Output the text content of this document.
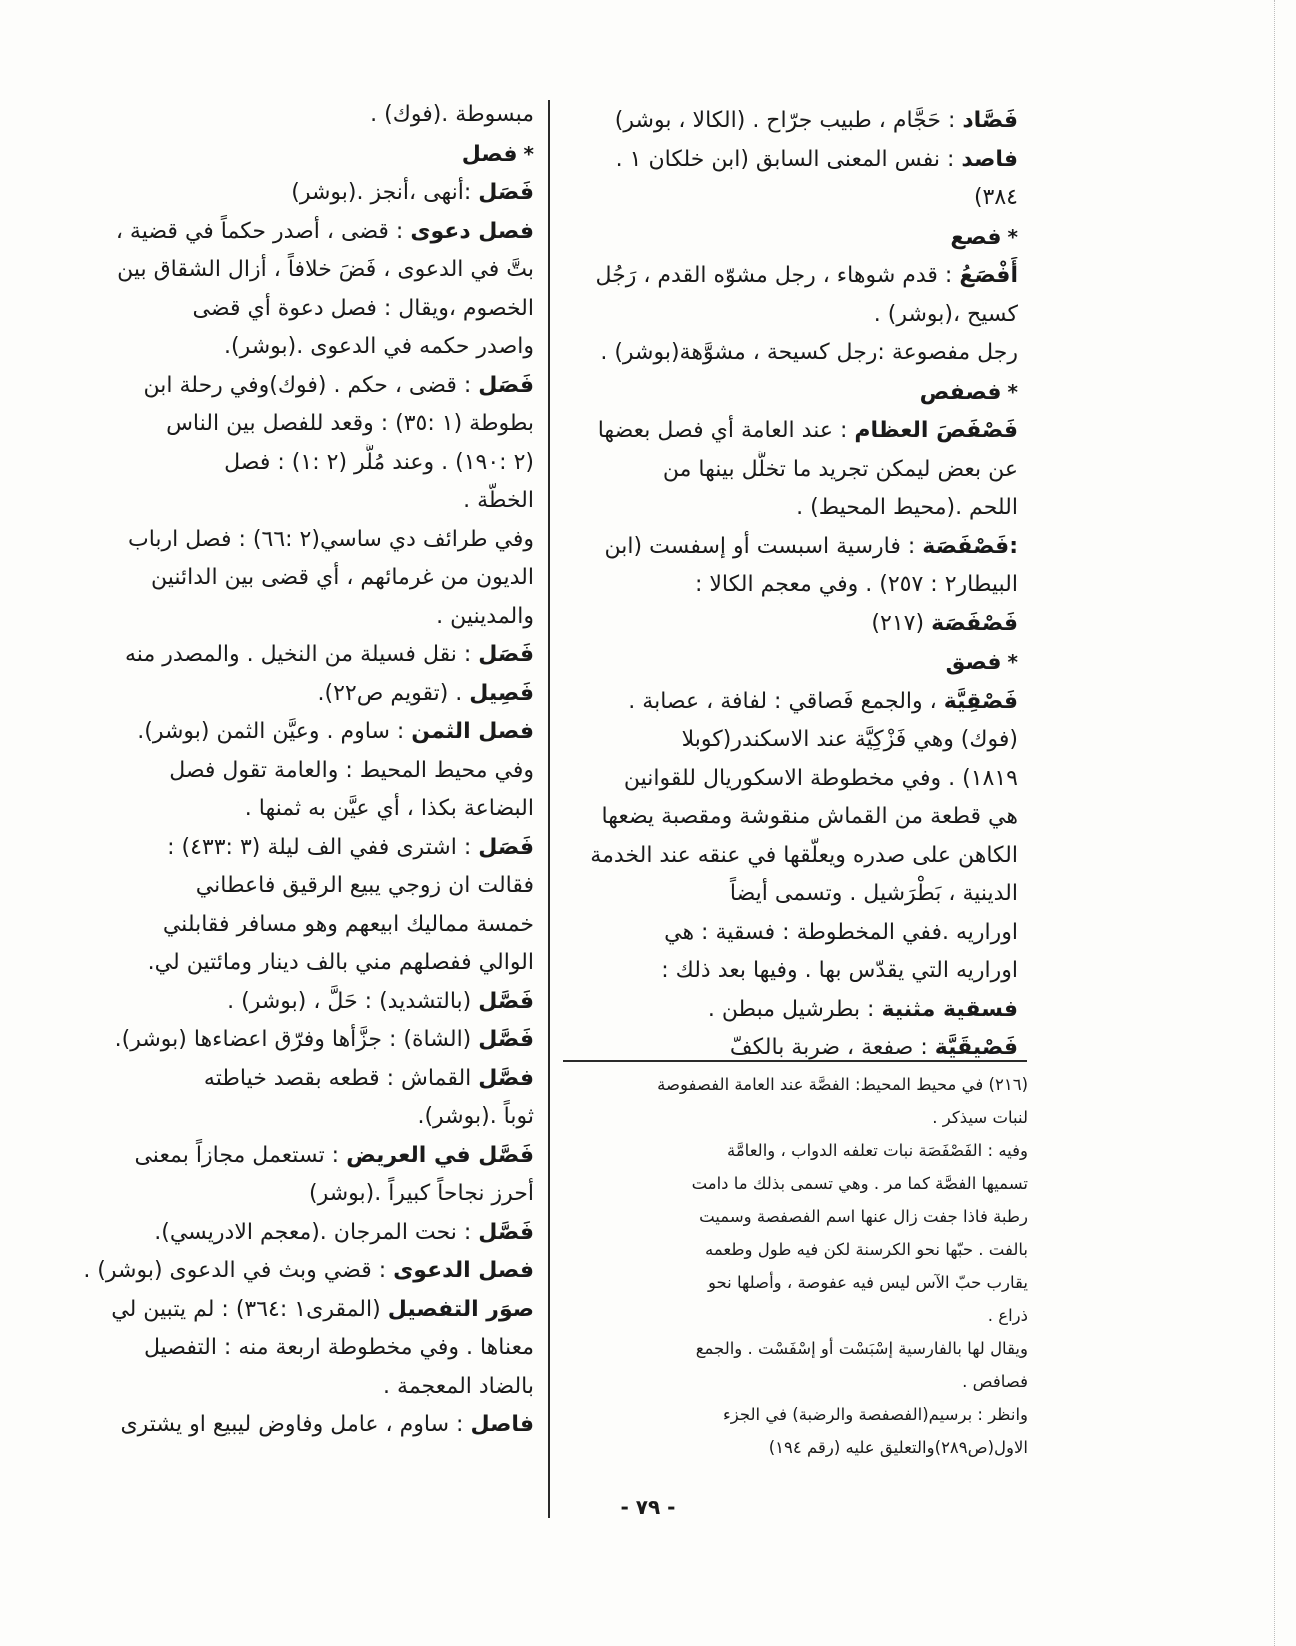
فَصَّاد : حَجَّام ، طبيب جرّاح . (الكالا ، بوشر)
فاصد : نفس المعنى السابق (ابن خلكان ١ .
٣٨٤)
*فصع
أَفْصَعُ : قدم شوهاء ، رجل مشوّه القدم ، رَجُل
كسيح ،(بوشر) .
رجل مفصوعة :رجل كسيحة ، مشوَّهة(بوشر) .
*فصفص
فَصْفَصَ العظام : عند العامة أي فصل بعضها
عن بعض ليمكن تجريد ما تخلَّل بينها من
اللحم .(محيط المحيط) .
:فَصْفَصَة : فارسية اسبست أو إسفست (ابن
البيطار٢ : ٢٥٧) . وفي معجم الكالا :
فَصْفَصَة (٢١٧)
*فصق
فَصْقِيَّة ، والجمع فَصاقي : لفافة ، عصابة .
(فوك) وهي فَزْكِيَّة عند الاسكندر(كوبلا
١٨١٩) . وفي مخطوطة الاسكوريال للقوانين
هي قطعة من القماش منقوشة ومقصبة يضعها
الكاهن على صدره ويعلّقها في عنقه عند الخدمة
الدينية ، بَطْرَشيل . وتسمى أيضاً
اوراريه .ففي المخطوطة : فسقية : هي
اوراريه التي يقدّس بها . وفيها بعد ذلك :
فسقية مثنية : بطرشيل مبطن .
فَصْيقَيَّة : صفعة ، ضربة بالكفّ
مبسوطة .(فوك) .
*فصل
فَصَل :أنهى ،أنجز .(بوشر)
فصل دعوى : قضى ، أصدر حكماً في قضية ،
بتَّ في الدعوى ، فَضَ خلافاً ، أزال الشقاق بين
الخصوم ،ويقال : فصل دعوة أي قضى
واصدر حكمه في الدعوى .(بوشر).
فَصَل : قضى ، حكم . (فوك)وفي رحلة ابن
بطوطة (١ :٣٥) : وقعد للفصل بين الناس
(٢ :١٩٠) . وعند مُلَّر (٢ :١) : فصل
الخطّة .
وفي طرائف دي ساسي(٢ :٦٦) : فصل ارباب
الديون من غرمائهم ، أي قضى بين الدائنين
والمدينين .
فَصَل : نقل فسيلة من النخيل . والمصدر منه
فَصِيل . (تقويم ص٢٢).
فصل الثمن : ساوم . وعيَّن الثمن (بوشر).
وفي محيط المحيط : والعامة تقول فصل
البضاعة بكذا ، أي عيَّن به ثمنها .
فَصَل : اشترى ففي الف ليلة (٣ :٤٣٣) :
فقالت ان زوجي يبيع الرقيق فاعطاني
خمسة مماليك ابيعهم وهو مسافر فقابلني
الوالي ففصلهم مني بالف دينار ومائتين لي.
فَصَّل (بالتشديد) : حَلَّ ، (بوشر) .
فَصَّل (الشاة) : جزَّأها وفرّق اعضاءها (بوشر).
فصَّل القماش : قطعه بقصد خياطته
ثوباً .(بوشر).
فَصَّل في العريض : تستعمل مجازاً بمعنى
أحرز نجاحاً كبيراً .(بوشر)
فَصَّل : نحت المرجان .(معجم الادريسي).
فصل الدعوى : قضي وبث في الدعوى (بوشر) .
صوَر التفصيل (المقرى١ :٣٦٤) : لم يتبين لي
معناها . وفي مخطوطة اربعة منه : التفصيل
بالضاد المعجمة .
فاصل : ساوم ، عامل وفاوض ليبيع او يشترى
(٢١٦) في محيط المحيط: الفصَّة عند العامة الفصفوصة
لنبات سيذكر .
وفيه : الفَصْفَصَة نبات تعلفه الدواب ، والعامَّة
تسميها الفصَّة كما مر . وهي تسمى بذلك ما دامت
رطبة فاذا جفت زال عنها اسم الفصفصة وسميت
بالفت . حبّها نحو الكرسنة لكن فيه طول وطعمه
يقارب حبّ الآس ليس فيه عفوصة ، وأصلها نحو
ذراع .
ويقال لها بالفارسية إسْبَسْت أو إسْفَسْت . والجمع
فصافص .
وانظر : برسيم(الفصفصة والرضبة) في الجزء
الاول(ص٢٨٩)والتعليق عليه (رقم ١٩٤)
- ٧٩ -
